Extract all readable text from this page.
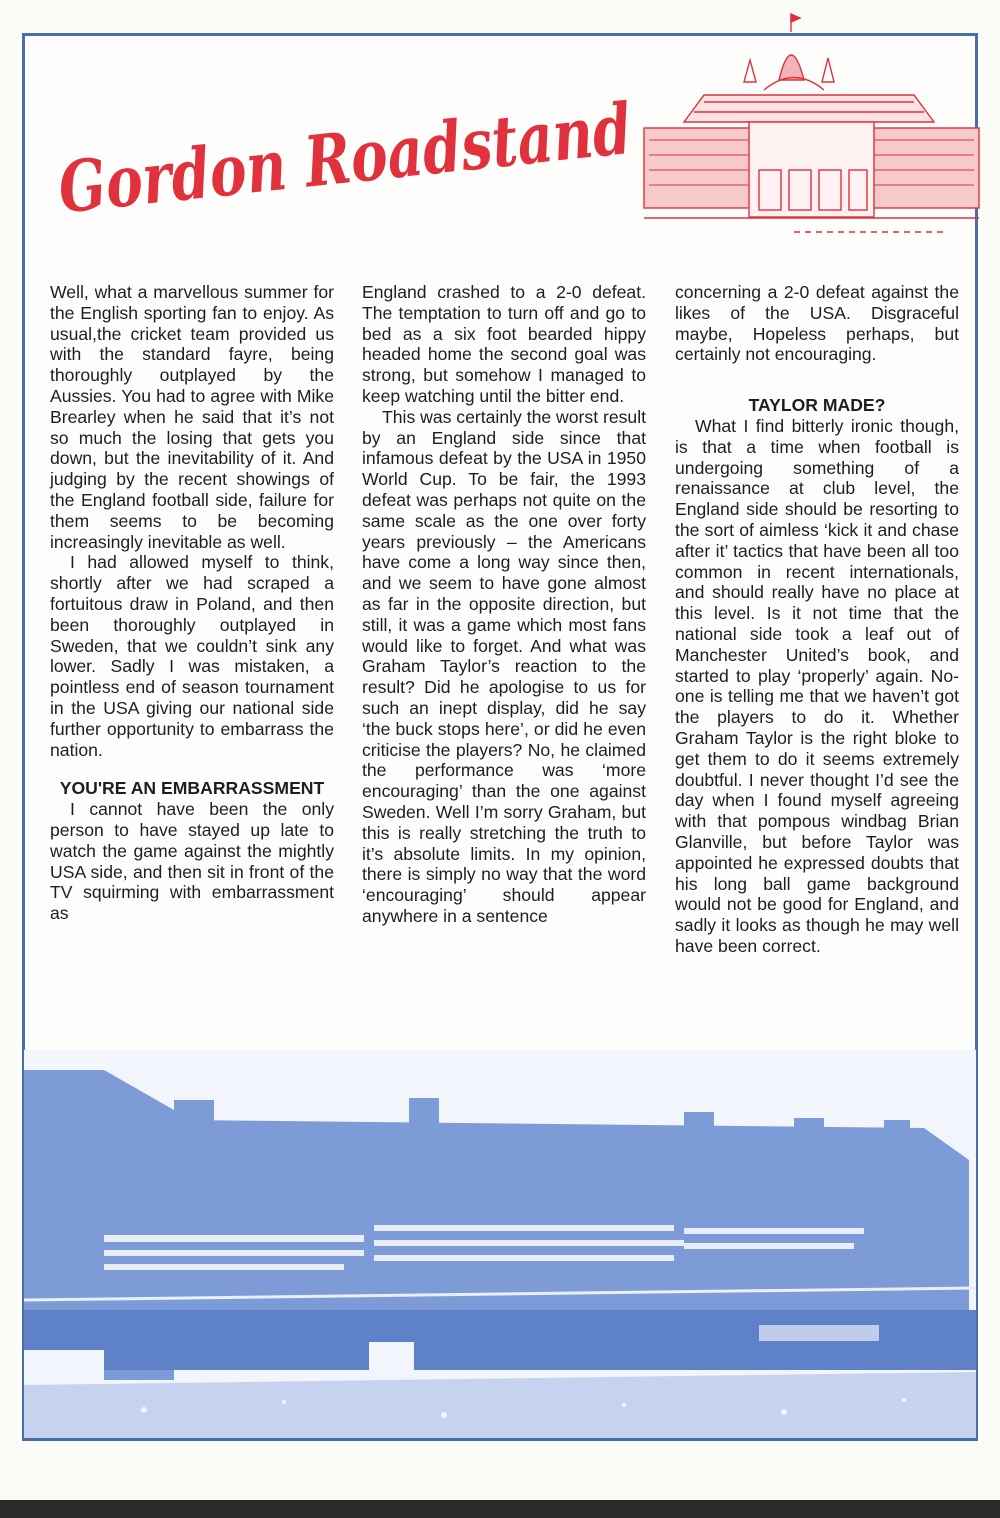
Gordon Roadstand

Well, what a marvellous summer for the English sporting fan to enjoy. As usual,the cricket team provided us with the standard fayre, being thoroughly outplayed by the Aussies. You had to agree with Mike Brearley when he said that it’s not so much the losing that gets you down, but the inevitability of it. And judging by the recent showings of the England football side, failure for them seems to be becoming increasingly inevitable as well.

I had allowed myself to think, shortly after we had scraped a fortuitous draw in Poland, and then been thoroughly outplayed in Sweden, that we couldn’t sink any lower. Sadly I was mistaken, a pointless end of season tournament in the USA giving our national side further opportunity to embarrass the nation.

YOU'RE AN EMBARRASSMENT

I cannot have been the only person to have stayed up late to watch the game against the mightly USA side, and then sit in front of the TV squirming with embarrassment as

England crashed to a 2-0 defeat. The temptation to turn off and go to bed as a six foot bearded hippy headed home the second goal was strong, but somehow I managed to keep watching until the bitter end.

This was certainly the worst result by an England side since that infamous defeat by the USA in 1950 World Cup. To be fair, the 1993 defeat was perhaps not quite on the same scale as the one over forty years previously – the Americans have come a long way since then, and we seem to have gone almost as far in the opposite direction, but still, it was a game which most fans would like to forget. And what was Graham Taylor’s reaction to the result? Did he apologise to us for such an inept display, did he say ‘the buck stops here’, or did he even criticise the players? No, he claimed the performance was ‘more encouraging’ than the one against Sweden. Well I’m sorry Graham, but this is really stretching the truth to it’s absolute limits. In my opinion, there is simply no way that the word ‘encouraging’ should appear anywhere in a sentence

concerning a 2-0 defeat against the likes of the USA. Disgraceful maybe, Hopeless perhaps, but certainly not encouraging.

TAYLOR MADE?

What I find bitterly ironic though, is that a time when football is undergoing something of a renaissance at club level, the England side should be resorting to the sort of aimless ‘kick it and chase after it’ tactics that have been all too common in recent internationals, and should really have no place at this level. Is it not time that the national side took a leaf out of Manchester United’s book, and started to play ‘properly’ again. No-one is telling me that we haven’t got the players to do it. Whether Graham Taylor is the right bloke to get them to do it seems extremely doubtful. I never thought I’d see the day when I found myself agreeing with that pompous windbag Brian Glanville, but before Taylor was appointed he expressed doubts that his long ball game background would not be good for England, and sadly it looks as though he may well have been correct.
